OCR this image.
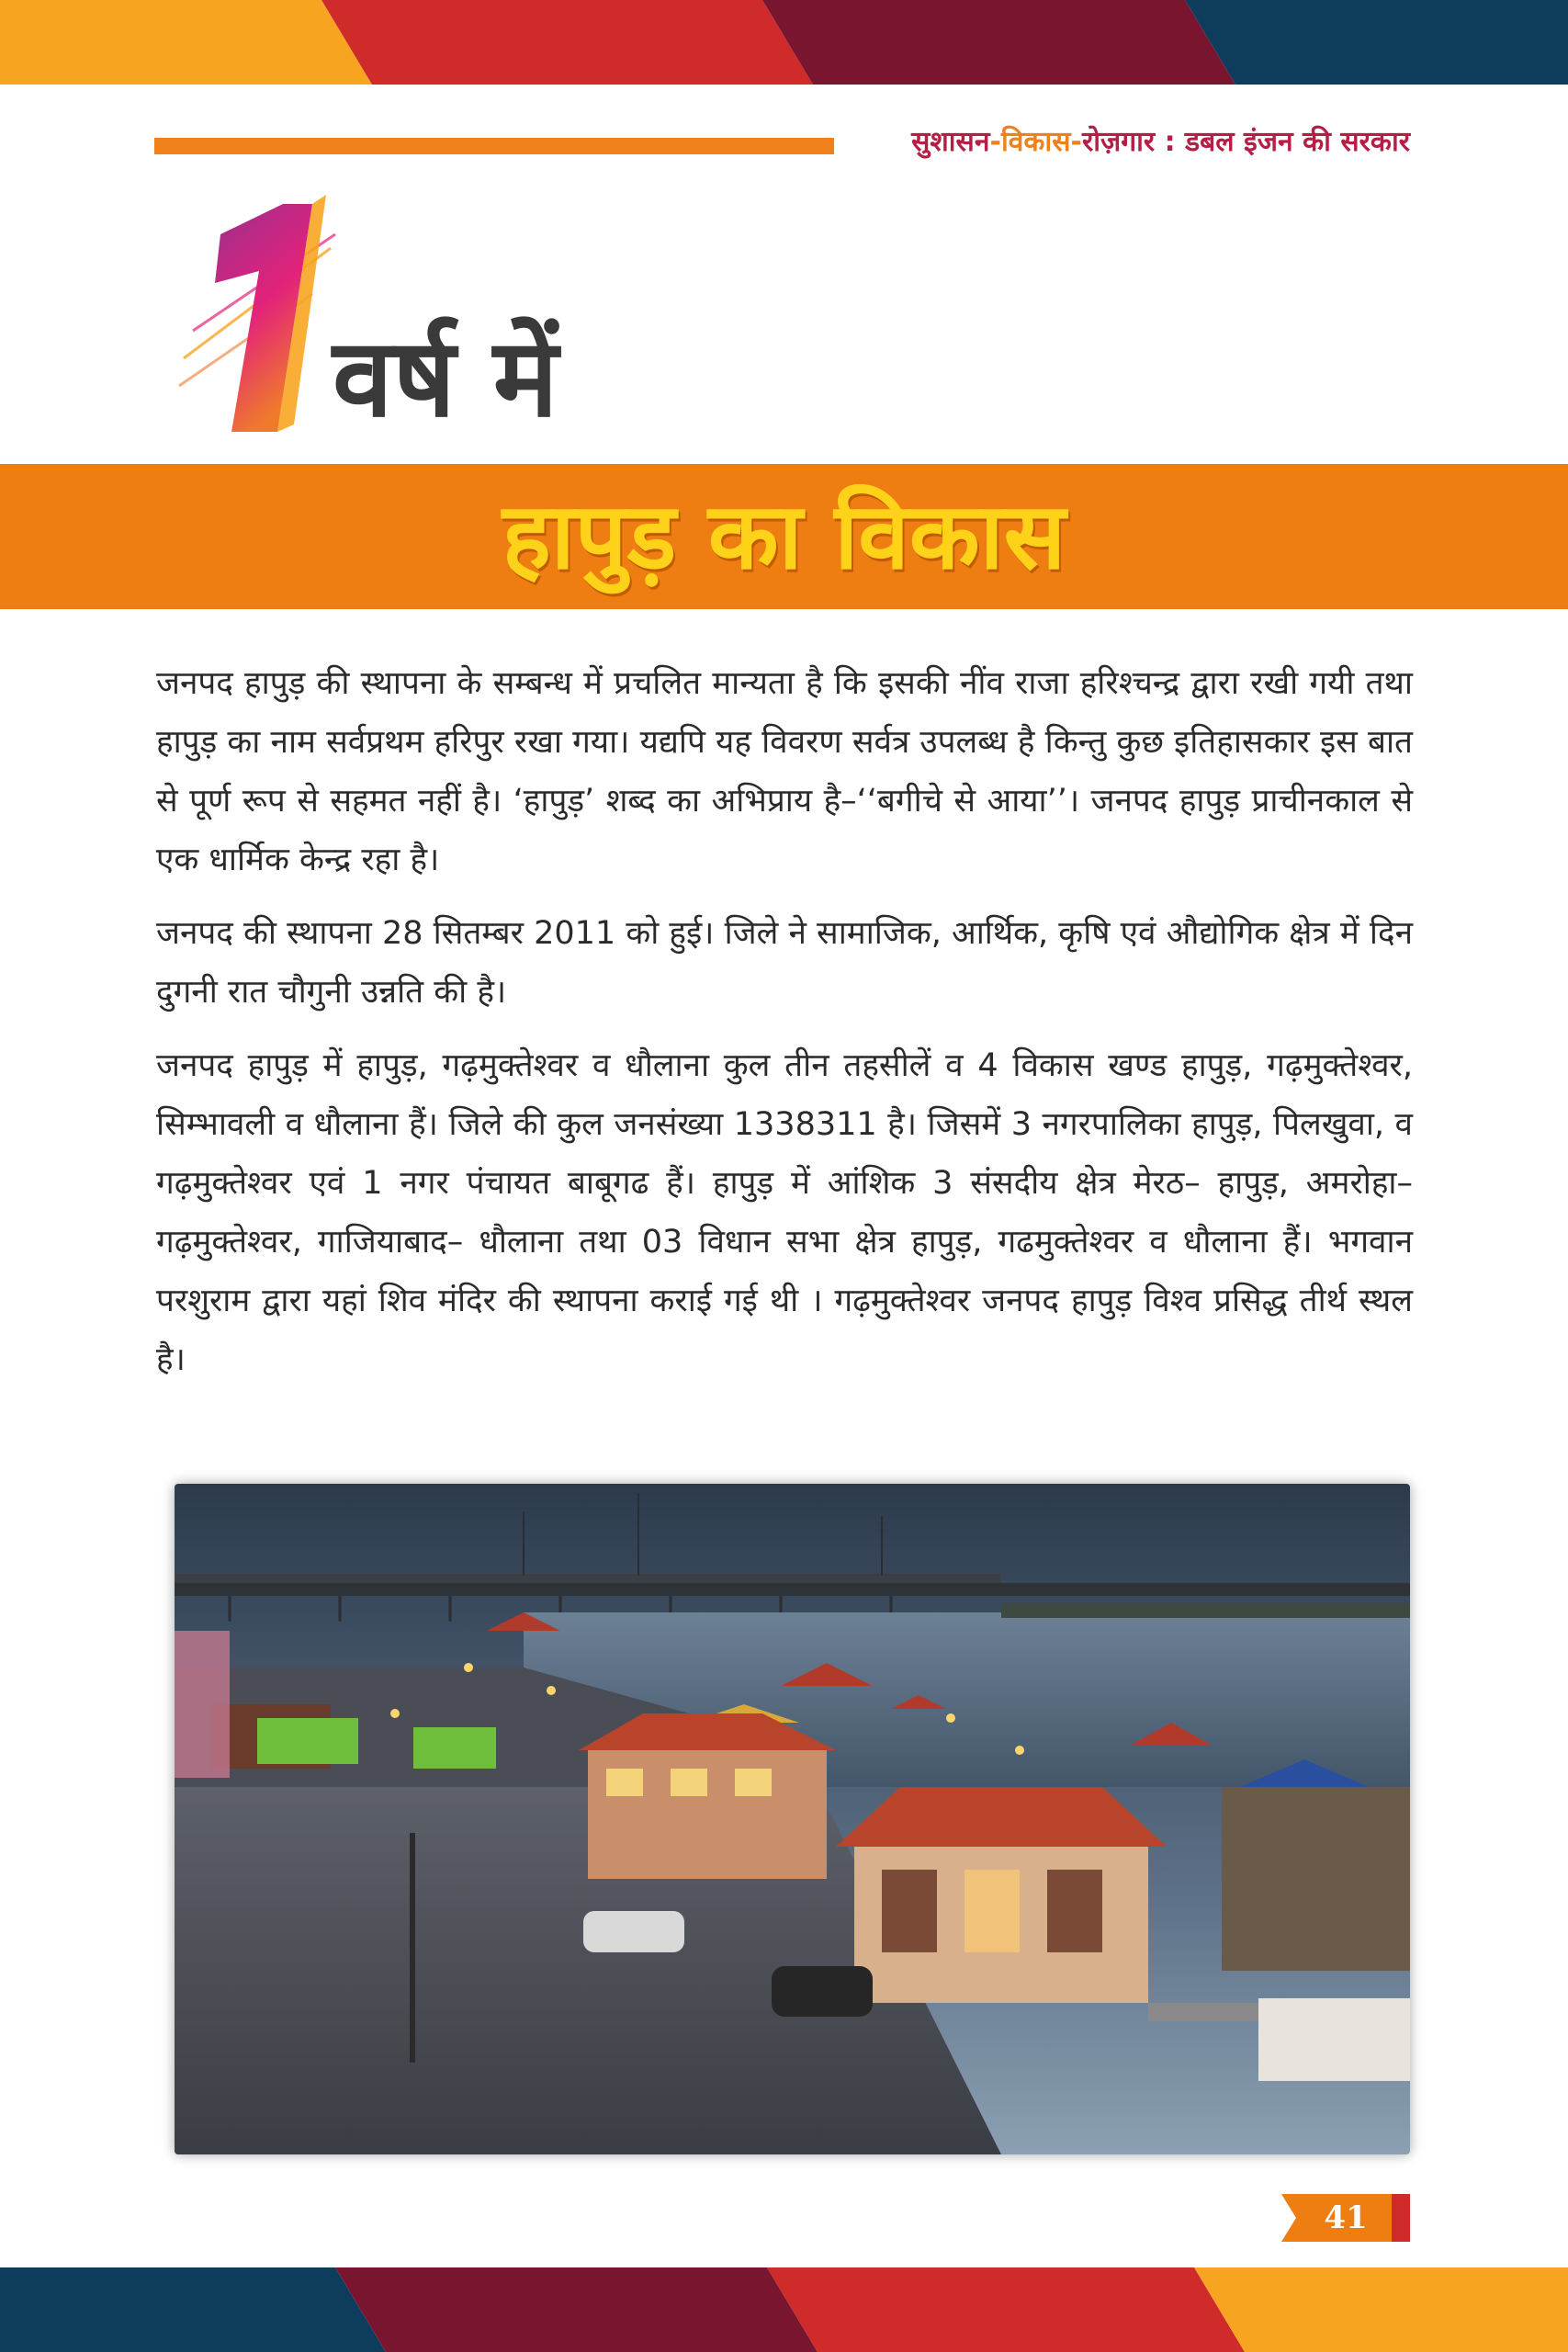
सुशासन-विकास-रोज़गार : डबल इंजन की सरकार
वर्ष में
हापुड़ का विकास

जनपद हापुड़ की स्थापना के सम्बन्ध में प्रचलित मान्यता है कि इसकी नींव राजा हरिश्चन्द्र द्वारा रखी गयी तथा हापुड़ का नाम सर्वप्रथम हरिपुर रखा गया। यद्यपि यह विवरण सर्वत्र उपलब्ध है किन्तु कुछ इतिहासकार इस बात से पूर्ण रूप से सहमत नहीं है। ‘हापुड़’ शब्द का अभिप्राय है–‘‘बगीचे से आया’’। जनपद हापुड़ प्राचीनकाल से एक धार्मिक केन्द्र रहा है।

जनपद की स्थापना 28 सितम्बर 2011 को हुई। जिले ने सामाजिक, आर्थिक, कृषि एवं औद्योगिक क्षेत्र में दिन दुगनी रात चौगुनी उन्नति की है।

जनपद हापुड़ में हापुड़, गढ़मुक्तेश्वर व धौलाना कुल तीन तहसीलें व 4 विकास खण्ड हापुड़, गढ़मुक्तेश्वर, सिम्भावली व धौलाना हैं। जिले की कुल जनसंख्या 1338311 है। जिसमें 3 नगरपालिका हापुड़, पिलखुवा, व गढ़मुक्तेश्वर एवं 1 नगर पंचायत बाबूगढ हैं। हापुड़ में आंशिक 3 संसदीय क्षेत्र मेरठ– हापुड़, अमरोहा– गढ़मुक्तेश्वर, गाजियाबाद– धौलाना तथा 03 विधान सभा क्षेत्र हापुड़, गढमुक्तेश्वर व धौलाना हैं। भगवान परशुराम द्वारा यहां शिव मंदिर की स्थापना कराई गई थी । गढ़मुक्तेश्वर जनपद हापुड़ विश्व प्रसिद्ध तीर्थ स्थल है।

41
